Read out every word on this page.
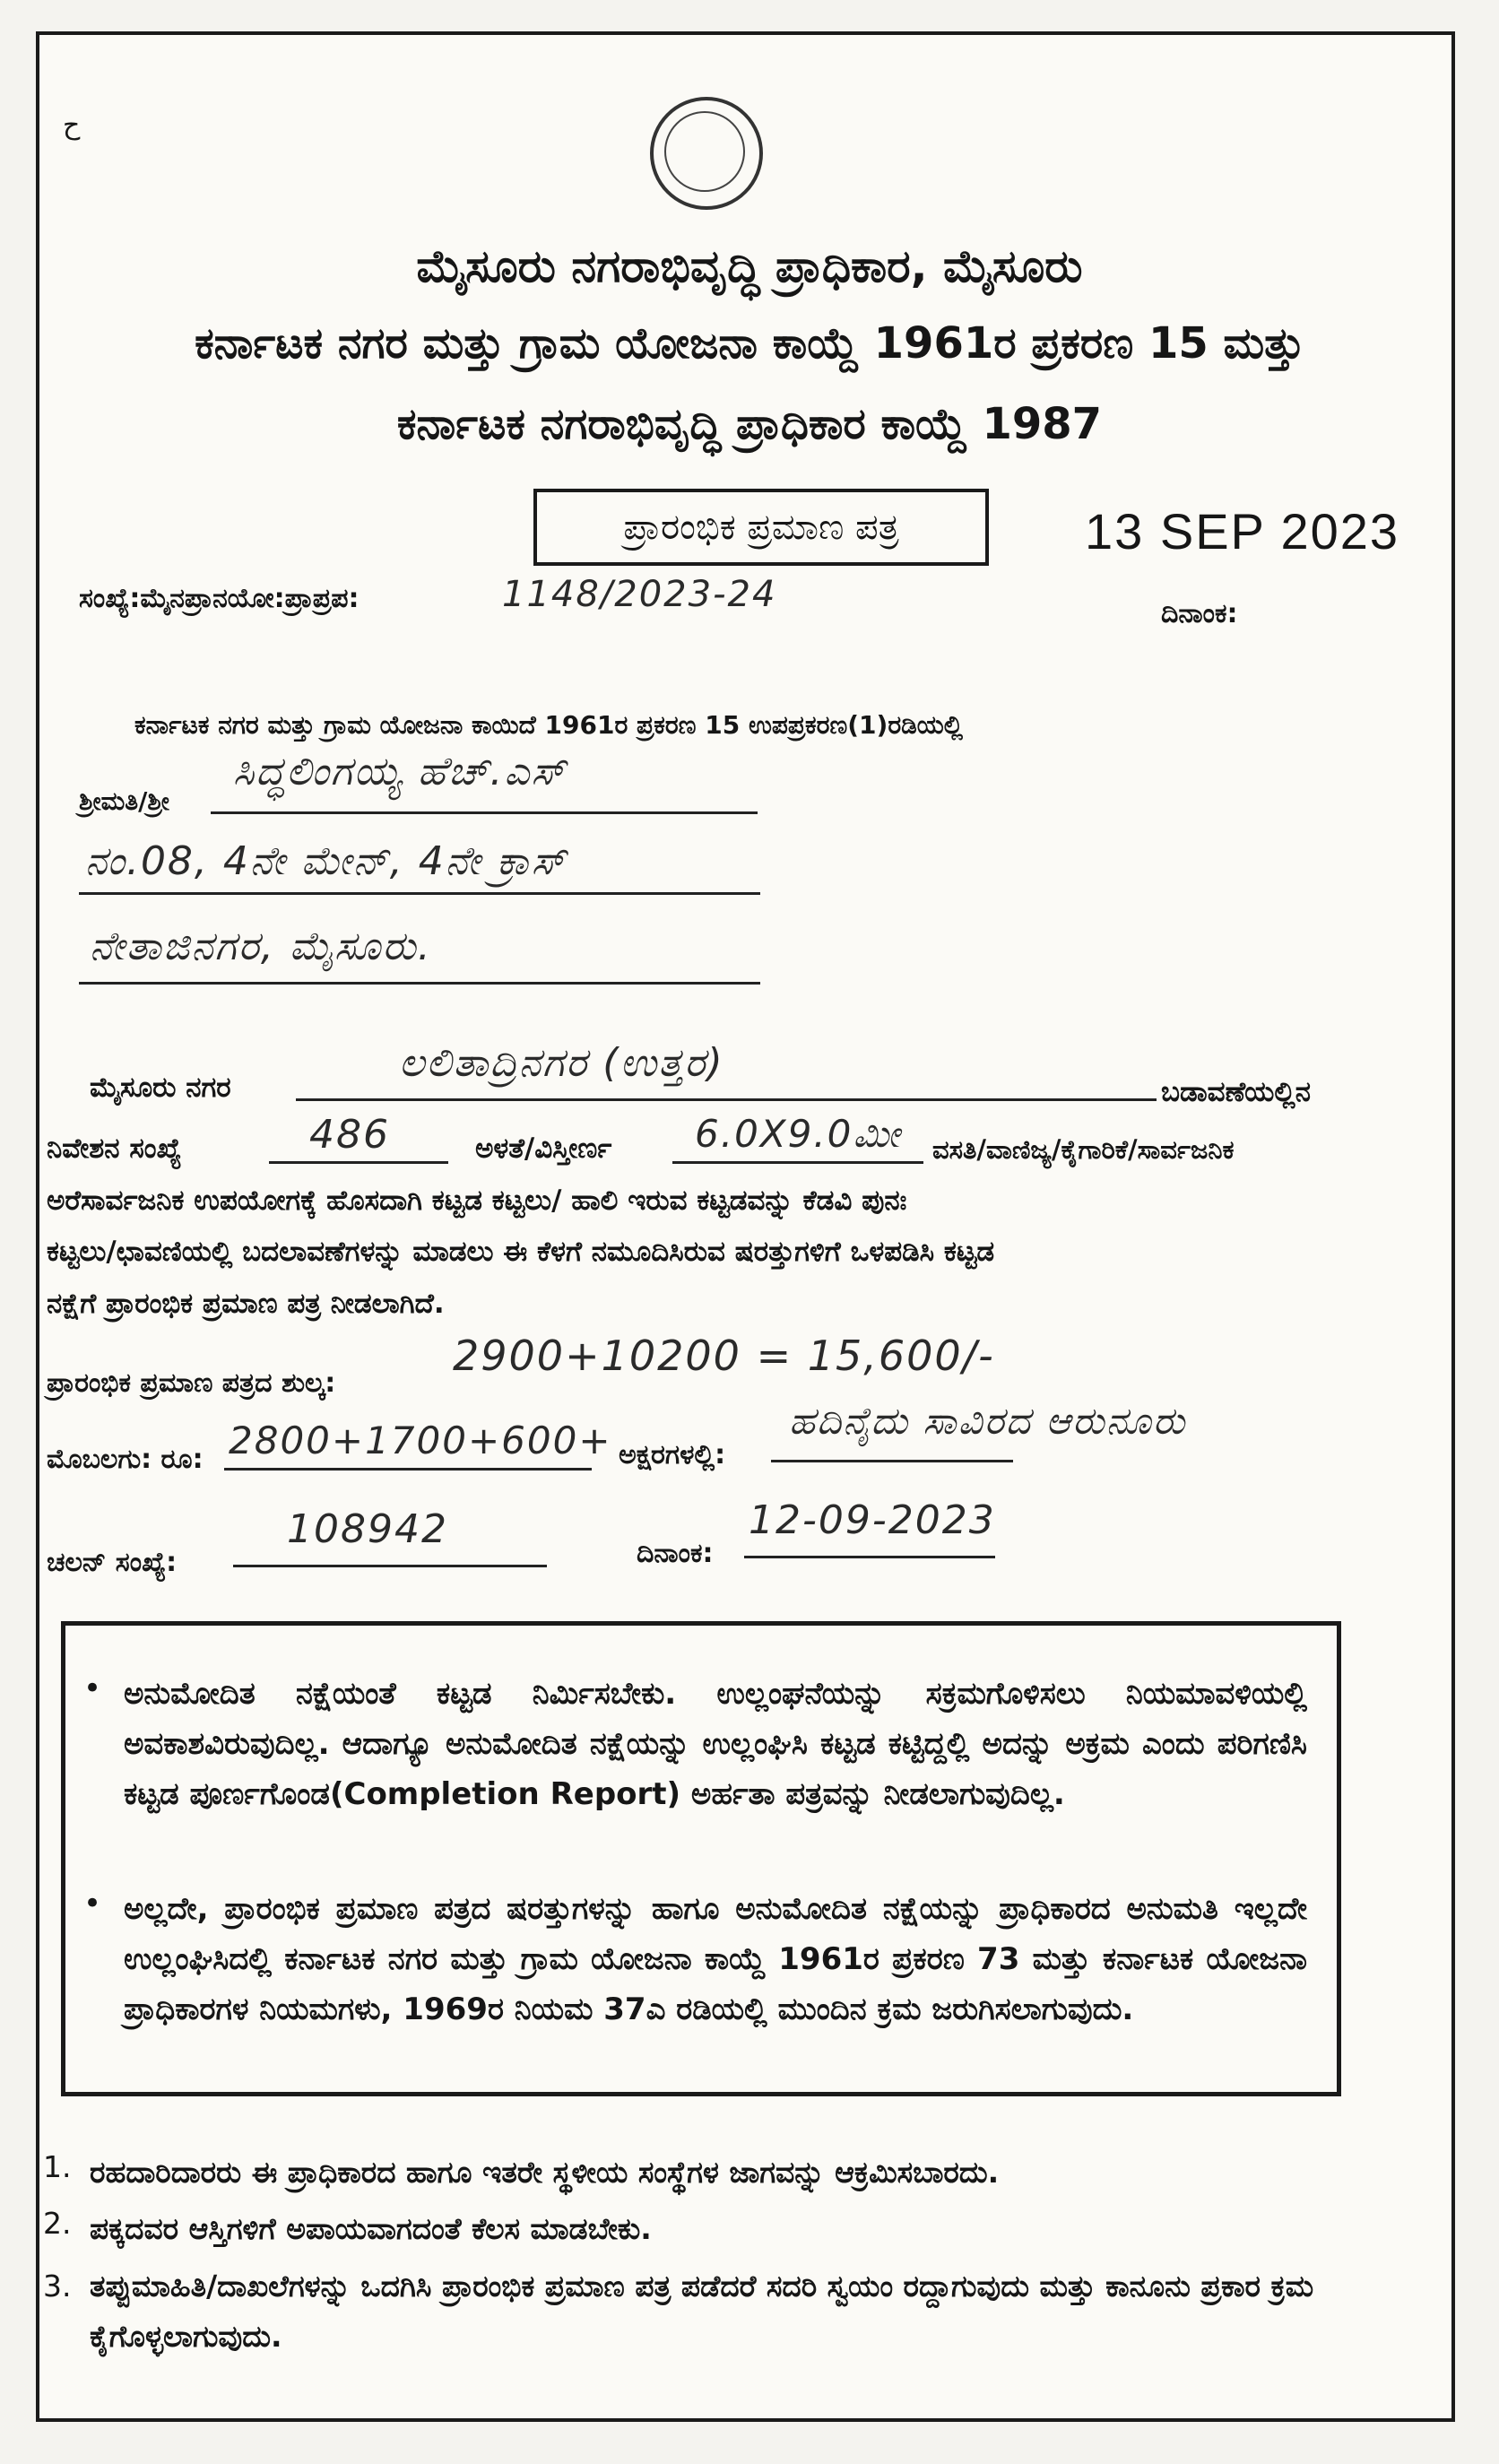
ح
ಮೈಸೂರು ನಗರಾಭಿವೃದ್ಧಿ ಪ್ರಾಧಿಕಾರ, ಮೈಸೂರು
ಕರ್ನಾಟಕ ನಗರ ಮತ್ತು ಗ್ರಾಮ ಯೋಜನಾ ಕಾಯ್ದೆ 1961ರ ಪ್ರಕರಣ 15 ಮತ್ತು
ಕರ್ನಾಟಕ ನಗರಾಭಿವೃದ್ಧಿ ಪ್ರಾಧಿಕಾರ ಕಾಯ್ದೆ 1987
ಪ್ರಾರಂಭಿಕ ಪ್ರಮಾಣ ಪತ್ರ	13 SEP 2023
ಸಂಖ್ಯೆ:ಮೈನಪ್ರಾನಯೋ:ಪ್ರಾಪ್ರಪ:	1148/2023-24	ದಿನಾಂಕ:
ಕರ್ನಾಟಕ ನಗರ ಮತ್ತು ಗ್ರಾಮ ಯೋಜನಾ ಕಾಯಿದೆ 1961ರ ಪ್ರಕರಣ 15 ಉಪಪ್ರಕರಣ(1)ರಡಿಯಲ್ಲಿ
ಶ್ರೀಮತಿ/ಶ್ರೀ
ಸಿದ್ಧಲಿಂಗಯ್ಯ ಹೆಚ್.ಎಸ್
ನಂ.08, 4ನೇ ಮೇನ್, 4ನೇ ಕ್ರಾಸ್
ನೇತಾಜಿನಗರ, ಮೈಸೂರು.
ಮೈಸೂರು ನಗರ
ಲಲಿತಾದ್ರಿನಗರ (ಉತ್ತರ)
ಬಡಾವಣೆಯಲ್ಲಿನ
ನಿವೇಶನ ಸಂಖ್ಯೆ	486	ಅಳತೆ/ವಿಸ್ತೀರ್ಣ 6.0X9.0ಮೀ ವಸತಿ/ವಾಣಿಜ್ಯ/ಕೈಗಾರಿಕೆ/ಸಾರ್ವಜನಿಕ
ಅರೆಸಾರ್ವಜನಿಕ ಉಪಯೋಗಕ್ಕೆ ಹೊಸದಾಗಿ ಕಟ್ಟಡ ಕಟ್ಟಲು/ ಹಾಲಿ ಇರುವ ಕಟ್ಟಡವನ್ನು ಕೆಡವಿ ಪುನಃ
ಕಟ್ಟಲು/ಛಾವಣಿಯಲ್ಲಿ ಬದಲಾವಣೆಗಳನ್ನು ಮಾಡಲು ಈ ಕೆಳಗೆ ನಮೂದಿಸಿರುವ ಷರತ್ತುಗಳಿಗೆ ಒಳಪಡಿಸಿ ಕಟ್ಟಡ
ನಕ್ಷೆಗೆ ಪ್ರಾರಂಭಿಕ ಪ್ರಮಾಣ ಪತ್ರ ನೀಡಲಾಗಿದೆ.
ಪ್ರಾರಂಭಿಕ ಪ್ರಮಾಣ ಪತ್ರದ ಶುಲ್ಕ:
2900+10200 = 15,600/-
ಮೊಬಲಗು: ರೂ: 2800+1700+600+ ಅಕ್ಷರಗಳಲ್ಲಿ:
ಹದಿನೈದು ಸಾವಿರದ ಆರುನೂರು
ಚಲನ್ ಸಂಖ್ಯೆ:
108942
ದಿನಾಂಕ:
12-09-2023
• ಅನುಮೋದಿತ ನಕ್ಷೆಯಂತೆ ಕಟ್ಟಡ ನಿರ್ಮಿಸಬೇಕು. ಉಲ್ಲಂಘನೆಯನ್ನು ಸಕ್ರಮಗೊಳಿಸಲು ನಿಯಮಾವಳಿಯಲ್ಲಿ ಅವಕಾಶವಿರುವುದಿಲ್ಲ. ಆದಾಗ್ಯೂ ಅನುಮೋದಿತ ನಕ್ಷೆಯನ್ನು ಉಲ್ಲಂಘಿಸಿ ಕಟ್ಟಡ ಕಟ್ಟಿದ್ದಲ್ಲಿ ಅದನ್ನು ಅಕ್ರಮ ಎಂದು ಪರಿಗಣಿಸಿ ಕಟ್ಟಡ ಪೂರ್ಣಗೊಂಡ(Completion Report) ಅರ್ಹತಾ ಪತ್ರವನ್ನು ನೀಡಲಾಗುವುದಿಲ್ಲ.
• ಅಲ್ಲದೇ, ಪ್ರಾರಂಭಿಕ ಪ್ರಮಾಣ ಪತ್ರದ ಷರತ್ತುಗಳನ್ನು ಹಾಗೂ ಅನುಮೋದಿತ ನಕ್ಷೆಯನ್ನು ಪ್ರಾಧಿಕಾರದ ಅನುಮತಿ ಇಲ್ಲದೇ ಉಲ್ಲಂಘಿಸಿದಲ್ಲಿ ಕರ್ನಾಟಕ ನಗರ ಮತ್ತು ಗ್ರಾಮ ಯೋಜನಾ ಕಾಯ್ದೆ 1961ರ ಪ್ರಕರಣ 73 ಮತ್ತು ಕರ್ನಾಟಕ ಯೋಜನಾ ಪ್ರಾಧಿಕಾರಗಳ ನಿಯಮಗಳು, 1969ರ ನಿಯಮ 37ಎ ರಡಿಯಲ್ಲಿ ಮುಂದಿನ ಕ್ರಮ ಜರುಗಿಸಲಾಗುವುದು.
1. ರಹದಾರಿದಾರರು ಈ ಪ್ರಾಧಿಕಾರದ ಹಾಗೂ ಇತರೇ ಸ್ಥಳೀಯ ಸಂಸ್ಥೆಗಳ ಜಾಗವನ್ನು ಆಕ್ರಮಿಸಬಾರದು.
2. ಪಕ್ಕದವರ ಆಸ್ತಿಗಳಿಗೆ ಅಪಾಯವಾಗದಂತೆ ಕೆಲಸ ಮಾಡಬೇಕು.
3. ತಪ್ಪುಮಾಹಿತಿ/ದಾಖಲೆಗಳನ್ನು ಒದಗಿಸಿ ಪ್ರಾರಂಭಿಕ ಪ್ರಮಾಣ ಪತ್ರ ಪಡೆದರೆ ಸದರಿ ಸ್ವಯಂ ರದ್ದಾಗುವುದು ಮತ್ತು ಕಾನೂನು ಪ್ರಕಾರ ಕ್ರಮ ಕೈಗೊಳ್ಳಲಾಗುವುದು.
